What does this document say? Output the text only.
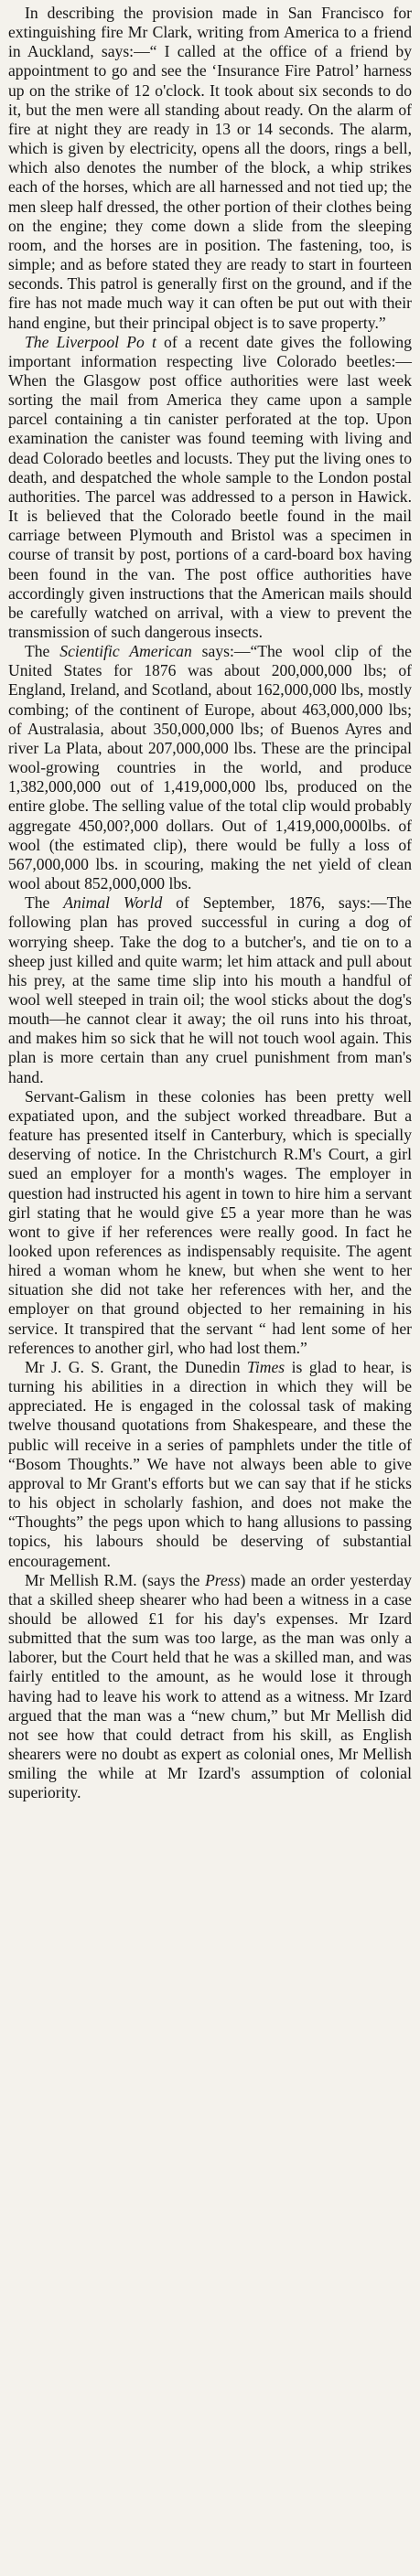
In describing the provision made in San Francisco for extinguishing fire Mr Clark, writing from America to a friend in Auckland, says:—“ I called at the office of a friend by appointment to go and see the ‘Insurance Fire Patrol’ harness up on the strike of 12 o'clock. It took about six seconds to do it, but the men were all standing about ready. On the alarm of fire at night they are ready in 13 or 14 seconds. The alarm, which is given by electricity, opens all the doors, rings a bell, which also denotes the number of the block, a whip strikes each of the horses, which are all harnessed and not tied up; the men sleep half dressed, the other portion of their clothes being on the engine; they come down a slide from the sleeping room, and the horses are in position. The fastening, too, is simple; and as before stated they are ready to start in fourteen seconds. This patrol is generally first on the ground, and if the fire has not made much way it can often be put out with their hand engine, but their principal object is to save property.”

The Liverpool Po t of a recent date gives the following important information respecting live Colorado beetles:—When the Glasgow post office authorities were last week sorting the mail from America they came upon a sample parcel containing a tin canister perforated at the top. Upon examination the canister was found teeming with living and dead Colorado beetles and locusts. They put the living ones to death, and despatched the whole sample to the London postal authorities. The parcel was addressed to a person in Hawick. It is believed that the Colorado beetle found in the mail carriage between Plymouth and Bristol was a specimen in course of transit by post, portions of a card-board box having been found in the van. The post office authorities have accordingly given instructions that the American mails should be carefully watched on arrival, with a view to prevent the transmission of such dangerous insects.

The Scientific American says:—“The wool clip of the United States for 1876 was about 200,000,000 lbs; of England, Ireland, and Scotland, about 162,000,000 lbs, mostly combing; of the continent of Europe, about 463,000,000 lbs; of Australasia, about 350,000,000 lbs; of Buenos Ayres and river La Plata, about 207,000,000 lbs. These are the principal wool-growing countries in the world, and produce 1,382,000,000 out of 1,419,000,000 lbs, produced on the entire globe. The selling value of the total clip would probably aggregate 450,00?,000 dollars. Out of 1,419,000,000lbs. of wool (the estimated clip), there would be fully a loss of 567,000,000 lbs. in scouring, making the net yield of clean wool about 852,000,000 lbs.

The Animal World of September, 1876, says:—The following plan has proved successful in curing a dog of worrying sheep. Take the dog to a butcher's, and tie on to a sheep just killed and quite warm; let him attack and pull about his prey, at the same time slip into his mouth a handful of wool well steeped in train oil; the wool sticks about the dog's mouth—he cannot clear it away; the oil runs into his throat, and makes him so sick that he will not touch wool again. This plan is more certain than any cruel punishment from man's hand.

Servant-Galism in these colonies has been pretty well expatiated upon, and the subject worked threadbare. But a feature has presented itself in Canterbury, which is specially deserving of notice. In the Christchurch R.M's Court, a girl sued an employer for a month's wages. The employer in question had instructed his agent in town to hire him a servant girl stating that he would give £5 a year more than he was wont to give if her references were really good. In fact he looked upon references as indispensably requisite. The agent hired a woman whom he knew, but when she went to her situation she did not take her references with her, and the employer on that ground objected to her remaining in his service. It transpired that the servant “ had lent some of her references to another girl, who had lost them.”

Mr J. G. S. Grant, the Dunedin Times is glad to hear, is turning his abilities in a direction in which they will be appreciated. He is engaged in the colossal task of making twelve thousand quotations from Shakespeare, and these the public will receive in a series of pamphlets under the title of “Bosom Thoughts.” We have not always been able to give approval to Mr Grant's efforts but we can say that if he sticks to his object in scholarly fashion, and does not make the “Thoughts” the pegs upon which to hang allusions to passing topics, his labours should be deserving of substantial encouragement.

Mr Mellish R.M. (says the Press) made an order yesterday that a skilled sheep shearer who had been a witness in a case should be allowed £1 for his day's expenses. Mr Izard submitted that the sum was too large, as the man was only a laborer, but the Court held that he was a skilled man, and was fairly entitled to the amount, as he would lose it through having had to leave his work to attend as a witness. Mr Izard argued that the man was a “new chum,” but Mr Mellish did not see how that could detract from his skill, as English shearers were no doubt as expert as colonial ones, Mr Mellish smiling the while at Mr Izard's assumption of colonial superiority.
